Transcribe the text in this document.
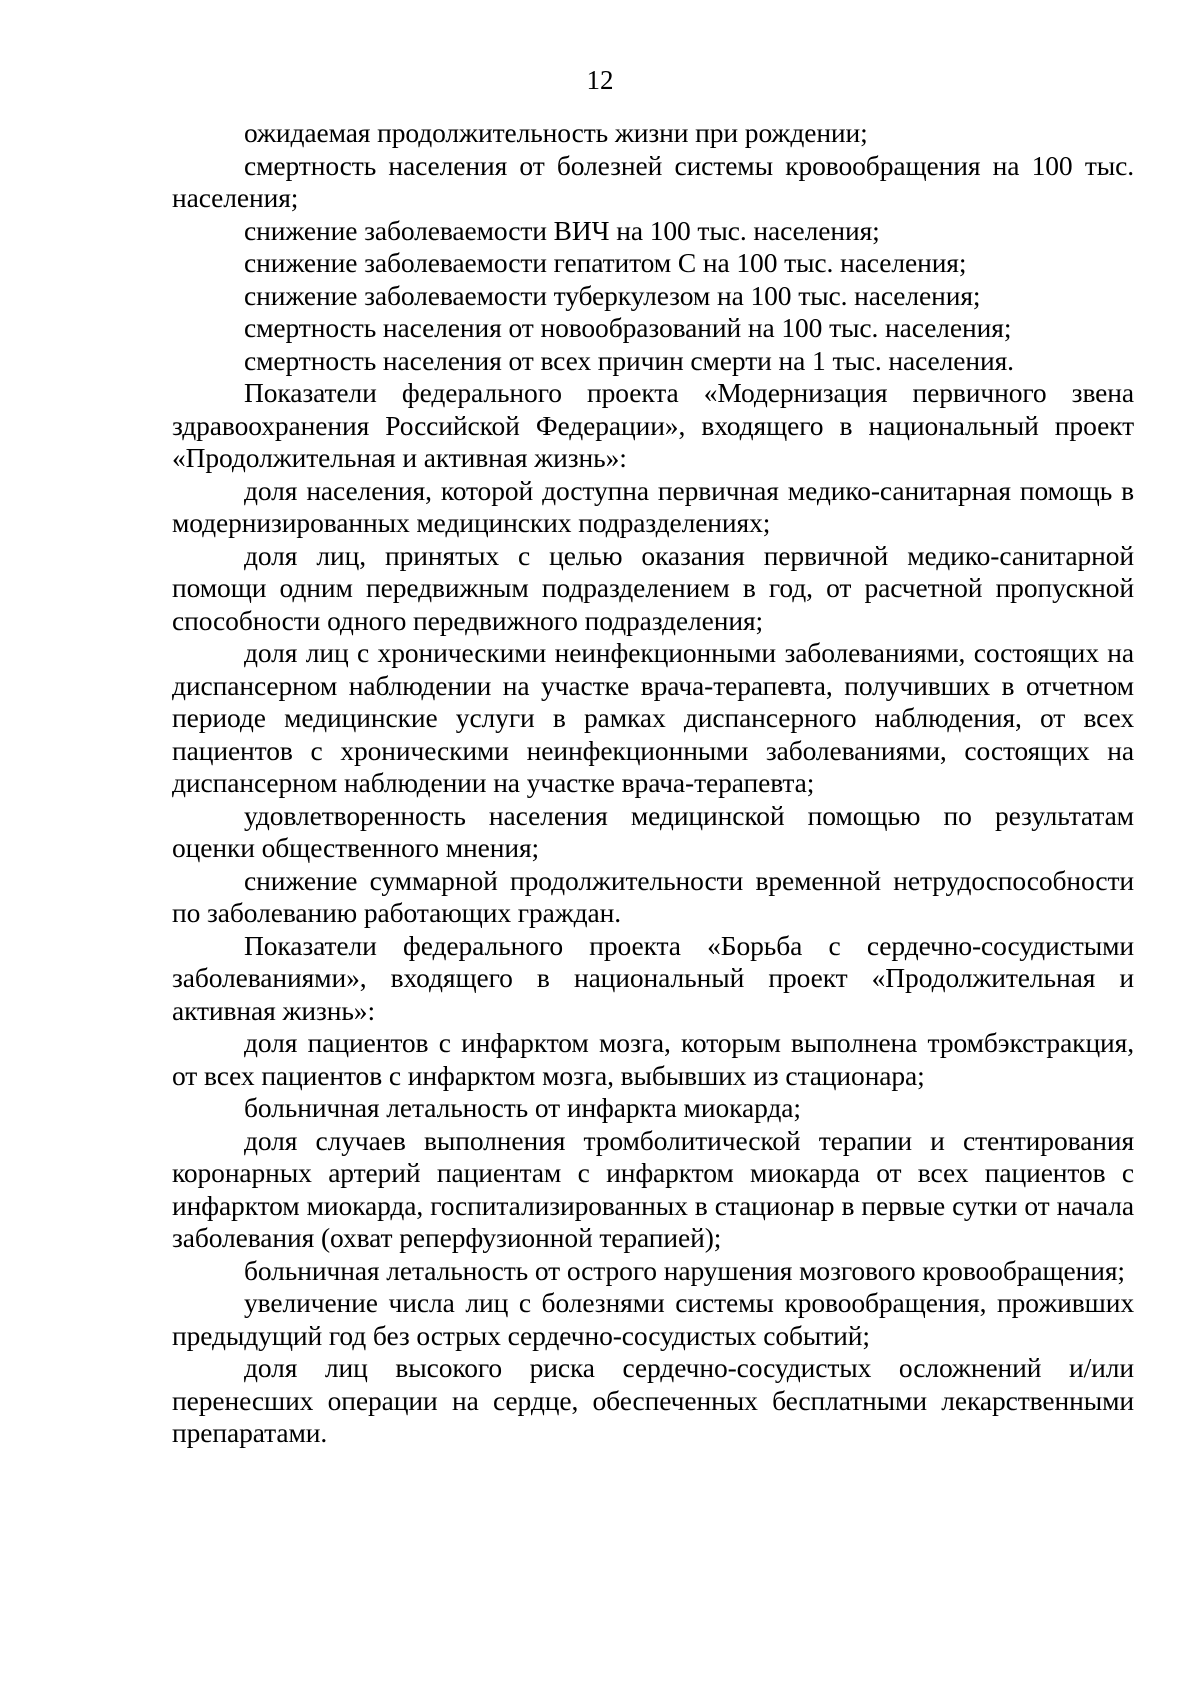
12

ожидаемая продолжительность жизни при рождении;

смертность населения от болезней системы кровообращения на 100 тыс. населения;

снижение заболеваемости ВИЧ на 100 тыс. населения;

снижение заболеваемости гепатитом С на 100 тыс. населения;

снижение заболеваемости туберкулезом на 100 тыс. населения;

смертность населения от новообразований на 100 тыс. населения;

смертность населения от всех причин смерти на 1 тыс. населения.

Показатели федерального проекта «Модернизация первичного звена здравоохранения Российской Федерации», входящего в национальный проект «Продолжительная и активная жизнь»:

доля населения, которой доступна первичная медико-санитарная помощь в модернизированных медицинских подразделениях;

доля лиц, принятых с целью оказания первичной медико-санитарной помощи одним передвижным подразделением в год, от расчетной пропускной способности одного передвижного подразделения;

доля лиц с хроническими неинфекционными заболеваниями, состоящих на диспансерном наблюдении на участке врача-терапевта, получивших в отчетном периоде медицинские услуги в рамках диспансерного наблюдения, от всех пациентов с хроническими неинфекционными заболеваниями, состоящих на диспансерном наблюдении на участке врача-терапевта;

удовлетворенность населения медицинской помощью по результатам оценки общественного мнения;

снижение суммарной продолжительности временной нетрудоспособности по заболеванию работающих граждан.

Показатели федерального проекта «Борьба с сердечно-сосудистыми заболеваниями», входящего в национальный проект «Продолжительная и активная жизнь»:

доля пациентов с инфарктом мозга, которым выполнена тромбэкстракция, от всех пациентов с инфарктом мозга, выбывших из стационара;

больничная летальность от инфаркта миокарда;

доля случаев выполнения тромболитической терапии и стентирования коронарных артерий пациентам с инфарктом миокарда от всех пациентов с инфарктом миокарда, госпитализированных в стационар в первые сутки от начала заболевания (охват реперфузионной терапией);

больничная летальность от острого нарушения мозгового кровообращения;

увеличение числа лиц с болезнями системы кровообращения, проживших предыдущий год без острых сердечно-сосудистых событий;

доля лиц высокого риска сердечно-сосудистых осложнений и/или перенесших операции на сердце, обеспеченных бесплатными лекарственными препаратами.
